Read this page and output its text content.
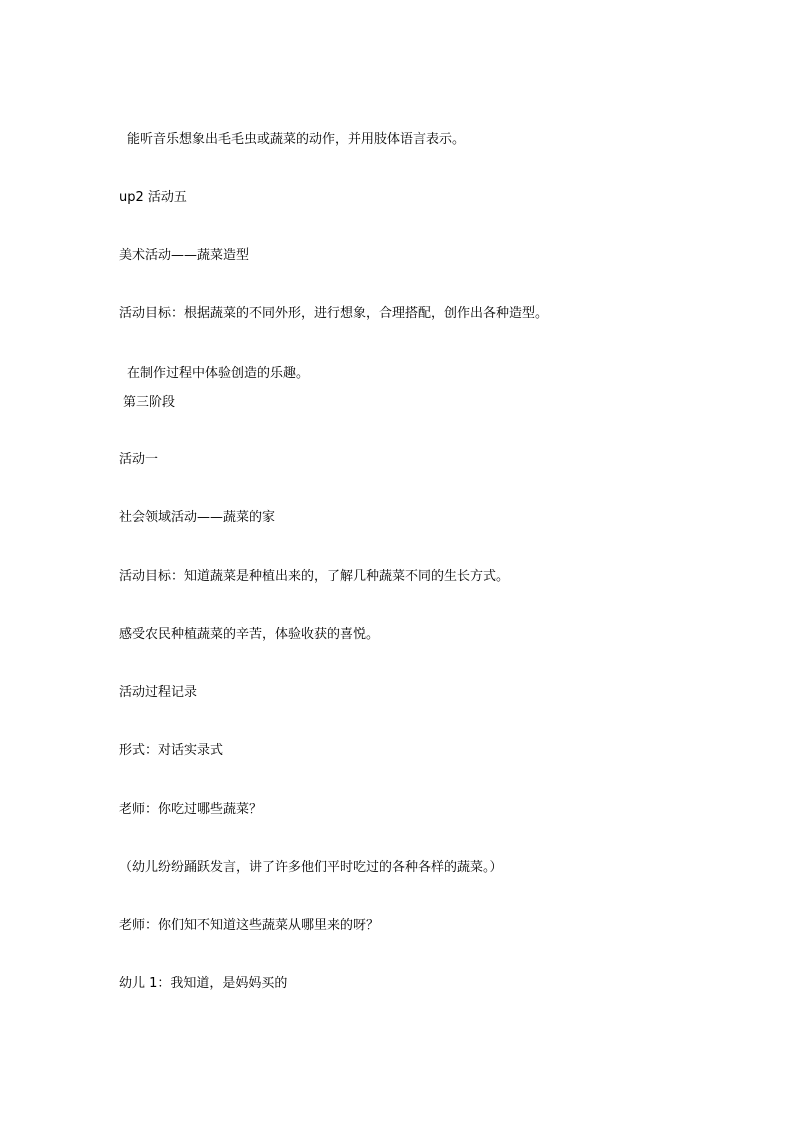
能听音乐想象出毛毛虫或蔬菜的动作，并用肢体语言表示。
up2 活动五
美术活动——蔬菜造型
活动目标：根据蔬菜的不同外形，进行想象，合理搭配，创作出各种造型。
在制作过程中体验创造的乐趣。
第三阶段
活动一
社会领域活动——蔬菜的家
活动目标：知道蔬菜是种植出来的，了解几种蔬菜不同的生长方式。
感受农民种植蔬菜的辛苦，体验收获的喜悦。
活动过程记录
形式：对话实录式
老师：你吃过哪些蔬菜？
（幼儿纷纷踊跃发言，讲了许多他们平时吃过的各种各样的蔬菜。）
老师：你们知不知道这些蔬菜从哪里来的呀？
幼儿 1：我知道，是妈妈买的
